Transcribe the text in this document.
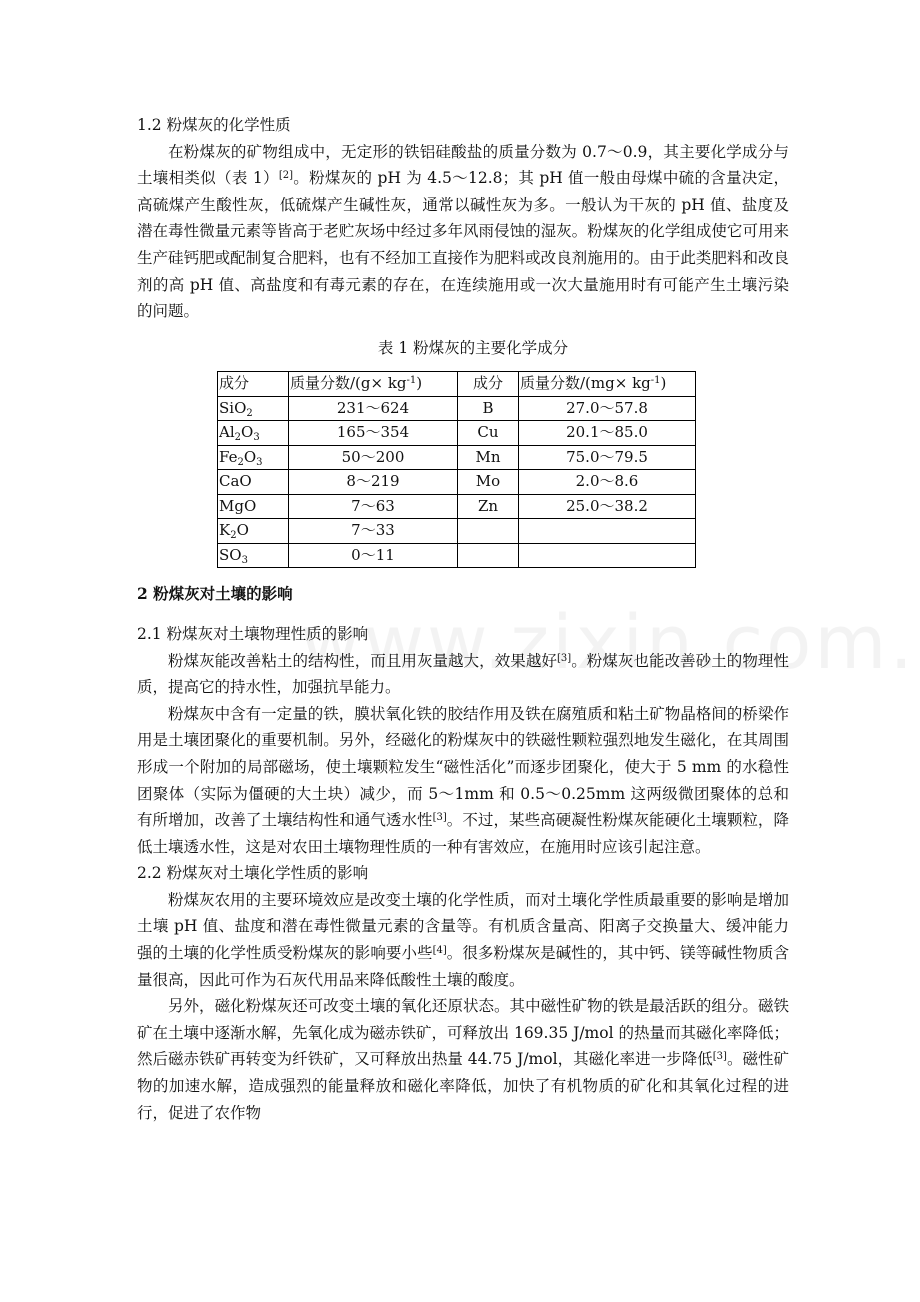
1.2 粉煤灰的化学性质

在粉煤灰的矿物组成中，无定形的铁铝硅酸盐的质量分数为 0.7～0.9，其主要化学成分与土壤相类似（表 1）[2]。粉煤灰的 pH 为 4.5～12.8；其 pH 值一般由母煤中硫的含量决定，高硫煤产生酸性灰，低硫煤产生碱性灰，通常以碱性灰为多。一般认为干灰的 pH 值、盐度及潜在毒性微量元素等皆高于老贮灰场中经过多年风雨侵蚀的湿灰。粉煤灰的化学组成使它可用来生产硅钙肥或配制复合肥料，也有不经加工直接作为肥料或改良剂施用的。由于此类肥料和改良剂的高 pH 值、高盐度和有毒元素的存在，在连续施用或一次大量施用时有可能产生土壤污染的问题。

表 1 粉煤灰的主要化学成分
成分	质量分数$/(g\times kg^{-1})$	成分	质量分数$/(mg\times kg^{-1})$
SiO$_2$	231～624	B	27.0～57.8
$Al_2O_3$	165～354	Cu	20.1～85.0
$Fe_2O_3$	50～200	Mn	75.0～79.5
CaO	8～219	Mo	2.0～8.6
MgO	7～63	Zn	25.0～38.2
$K_2O$	7～33		
$SO_3$	0～11		
2 粉煤灰对土壤的影响
2.1 粉煤灰对土壤物理性质的影响

粉煤灰能改善粘土的结构性，而且用灰量越大，效果越好[3]。粉煤灰也能改善砂土的物理性质，提高它的持水性，加强抗旱能力。

粉煤灰中含有一定量的铁，膜状氧化铁的胶结作用及铁在腐殖质和粘土矿物晶格间的桥梁作用是土壤团聚化的重要机制。另外，经磁化的粉煤灰中的铁磁性颗粒强烈地发生磁化，在其周围形成一个附加的局部磁场，使土壤颗粒发生“磁性活化”而逐步团聚化，使大于 5 mm 的水稳性团聚体（实际为僵硬的大土块）减少，而 5～1mm 和 0.5～0.25mm 这两级微团聚体的总和有所增加，改善了土壤结构性和通气透水性[3]。不过，某些高硬凝性粉煤灰能硬化土壤颗粒，降低土壤透水性，这是对农田土壤物理性质的一种有害效应，在施用时应该引起注意。

2.2 粉煤灰对土壤化学性质的影响

粉煤灰农用的主要环境效应是改变土壤的化学性质，而对土壤化学性质最重要的影响是增加土壤 pH 值、盐度和潜在毒性微量元素的含量等。有机质含量高、阳离子交换量大、缓冲能力强的土壤的化学性质受粉煤灰的影响要小些[4]。很多粉煤灰是碱性的，其中钙、镁等碱性物质含量很高，因此可作为石灰代用品来降低酸性土壤的酸度。

另外，磁化粉煤灰还可改变土壤的氧化还原状态。其中磁性矿物的铁是最活跃的组分。磁铁矿在土壤中逐渐水解，先氧化成为磁赤铁矿，可释放出 169.35 J/mol 的热量而其磁化率降低；然后磁赤铁矿再转变为纤铁矿，又可释放出热量 44.75 J/mol，其磁化率进一步降低[3]。磁性矿物的加速水解，造成强烈的能量释放和磁化率降低，加快了有机物质的矿化和其氧化过程的进行，促进了农作物
